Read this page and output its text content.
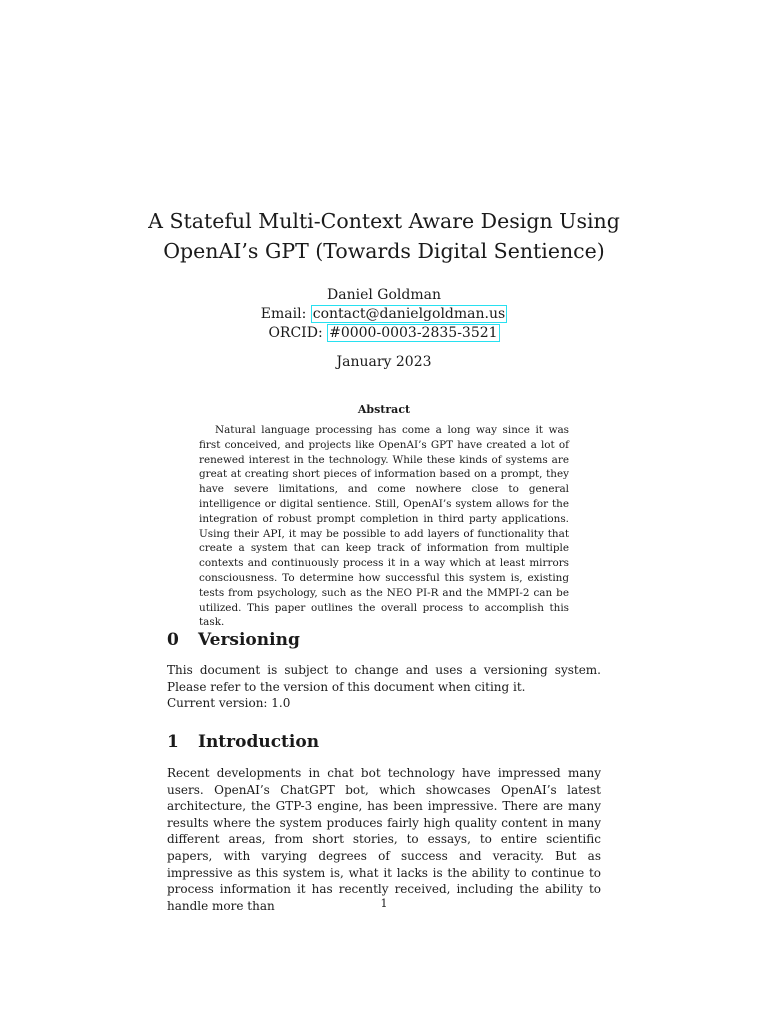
A Stateful Multi-Context Aware Design Using
OpenAI’s GPT (Towards Digital Sentience)
Daniel Goldman
Email: contact@danielgoldman.us
ORCID: #0000-0003-2835-3521
January 2023
Abstract

Natural language processing has come a long way since it was first conceived, and projects like OpenAI’s GPT have created a lot of renewed interest in the technology. While these kinds of systems are great at creating short pieces of information based on a prompt, they have severe limitations, and come nowhere close to general intelligence or digital sentience. Still, OpenAI’s system allows for the integration of robust prompt completion in third party applications. Using their API, it may be possible to add layers of functionality that create a system that can keep track of information from multiple contexts and continuously process it in a way which at least mirrors consciousness. To determine how successful this system is, existing tests from psychology, such as the NEO PI-R and the MMPI-2 can be utilized. This paper outlines the overall process to accomplish this task.

0 Versioning

This document is subject to change and uses a versioning system. Please refer to the version of this document when citing it.
Current version: 1.0

1 Introduction

Recent developments in chat bot technology have impressed many users. OpenAI’s ChatGPT bot, which showcases OpenAI’s latest architecture, the GTP-3 engine, has been impressive. There are many results where the system produces fairly high quality content in many different areas, from short stories, to essays, to entire scientific papers, with varying degrees of success and veracity. But as impressive as this system is, what it lacks is the ability to continue to process information it has recently received, including the ability to handle more than	1
